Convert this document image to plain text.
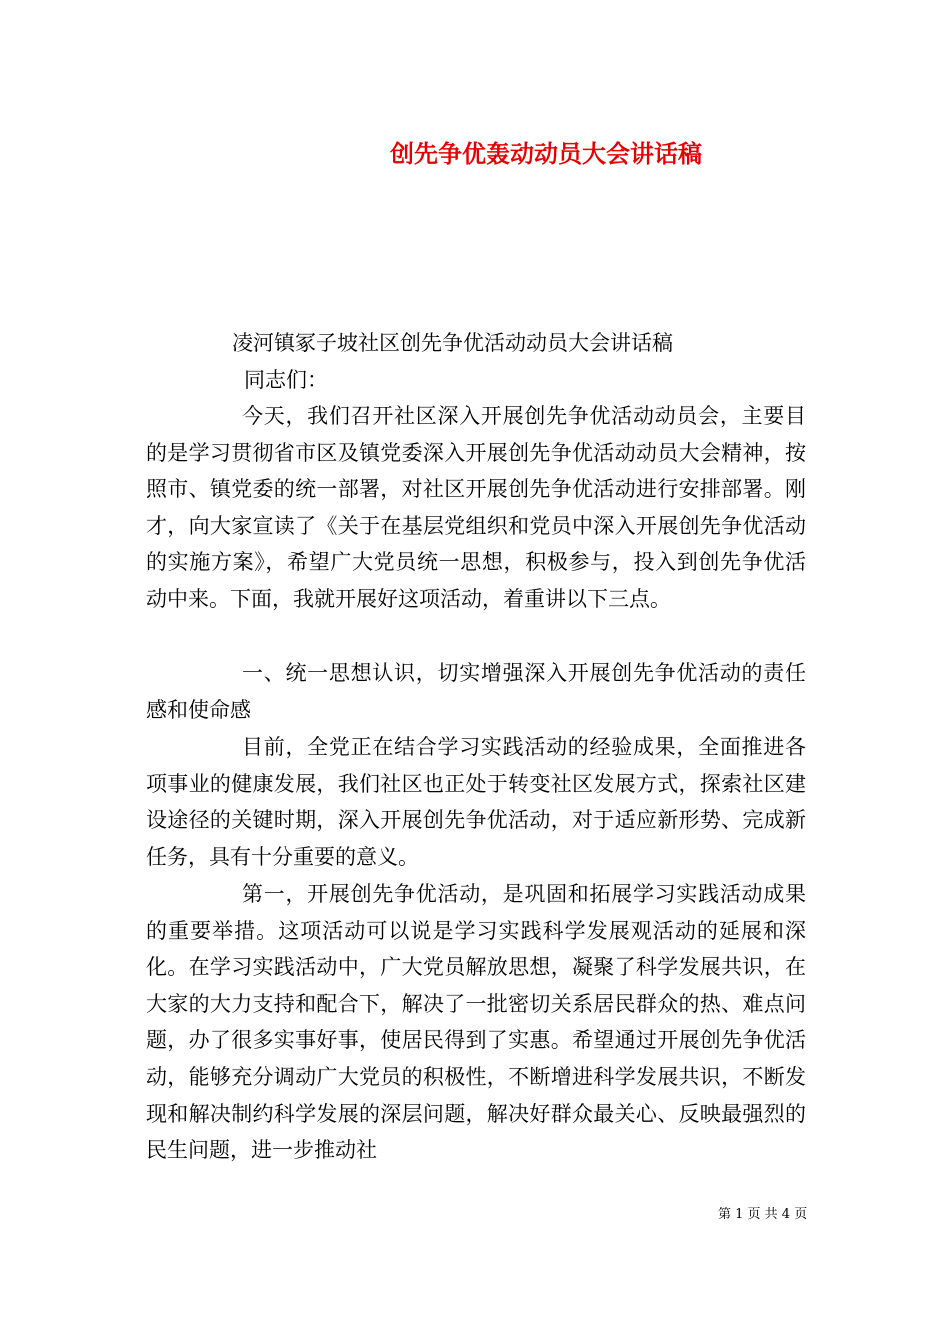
创先争优轰动动员大会讲话稿
凌河镇冢子坡社区创先争优活动动员大会讲话稿
同志们：

今天，我们召开社区深入开展创先争优活动动员会，主要目的是学习贯彻省市区及镇党委深入开展创先争优活动动员大会精神，按照市、镇党委的统一部署，对社区开展创先争优活动进行安排部署。刚才，向大家宣读了《关于在基层党组织和党员中深入开展创先争优活动的实施方案》，希望广大党员统一思想，积极参与，投入到创先争优活动中来。下面，我就开展好这项活动，着重讲以下三点。

一、统一思想认识，切实增强深入开展创先争优活动的责任感和使命感

目前，全党正在结合学习实践活动的经验成果，全面推进各项事业的健康发展，我们社区也正处于转变社区发展方式，探索社区建设途径的关键时期，深入开展创先争优活动，对于适应新形势、完成新任务，具有十分重要的意义。

第一，开展创先争优活动，是巩固和拓展学习实践活动成果的重要举措。这项活动可以说是学习实践科学发展观活动的延展和深化。在学习实践活动中，广大党员解放思想，凝聚了科学发展共识，在大家的大力支持和配合下，解决了一批密切关系居民群众的热、难点问题，办了很多实事好事，使居民得到了实惠。希望通过开展创先争优活动，能够充分调动广大党员的积极性，不断增进科学发展共识，不断发现和解决制约科学发展的深层问题，解决好群众最关心、反映最强烈的民生问题，进一步推动社

第 1 页 共 4 页
